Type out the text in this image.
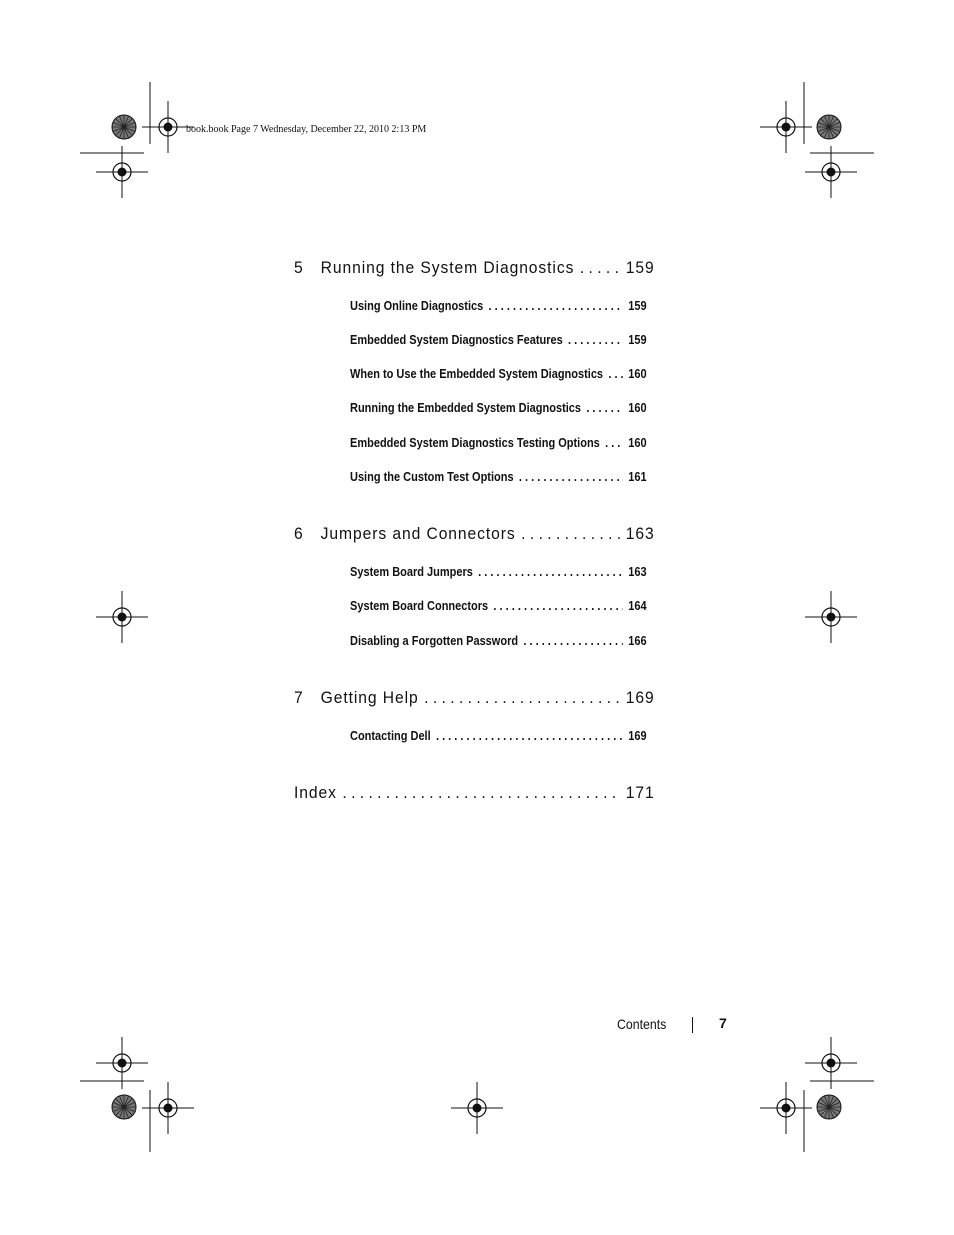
book.book Page 7 Wednesday, December 22, 2010 2:13 PM
5	Running the System Diagnostics . . .	159
Using Online Diagnostics . . .	159
Embedded System Diagnostics Features . . .	159
When to Use the Embedded System Diagnostics . . . 160
Running the Embedded System Diagnostics . . .	160
Embedded System Diagnostics Testing Options . . . 160
Using the Custom Test Options . . .	161
6	Jumpers and Connectors . . .	163
System Board Jumpers . . .	163
System Board Connectors . . .	164
Disabling a Forgotten Password . . .	166
7	Getting Help . . .	169
Contacting Dell . . .	169
Index . . .	171
Contents	7
